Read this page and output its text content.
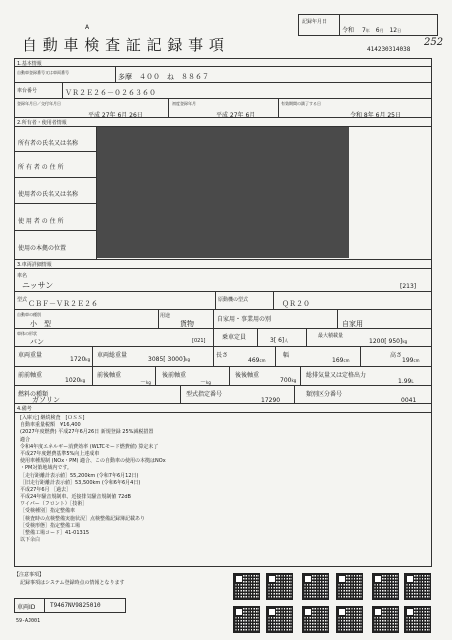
A
自 動 車 検 査 証 記 録 事 項	414230314038
252
記録年月日
令和 7年 6月 12日
1.基本情報
自動車登録番号又は車両番号
多摩　４００　ね　８８６７
車台番号	ＶＲ２Ｅ２６－０２６３６０
登録年月日／交付年月日
平成 27年 6月 26日
初度登録年月
平成 27年 6月
有効期間の満了する日
令和 8年 6月 25日
2.所有者・使用者情報
所有者の氏名又は名称
所 有 者 の 住 所
使用者の氏名又は名称
使 用 者 の 住 所
使用の本拠の位置
3.車両詳細情報
車名
ニッサン	[213]
型式 ＣＢＦ－ＶＲ２Ｅ２６	原動機の型式	ＱＲ２０
自動車の種別
小　型
用途
貨物
自家用・事業用の別
自家用
車体の形状
バン	[021]	乗車定員	3[ 6]人
最大積載量
1200[ 950]kg
車両重量
1720kg
車両総重量
3085[ 3000]kg
長さ
469cm
幅
169cm
高さ
199cm
前前軸重
1020kg
前後軸重
－kg
後前軸重
－kg
後後軸重
700kg
総排気量又は定格出力
1.99L
燃料の種類
ガソリン
型式指定番号
17290
類別区分番号
0041
4.備考
[入庫元] 継続検査　[ＯＳＳ]
自動車重量税額　¥16,400
(2027年度燃費) 平成27年6月26日 新規登録 25%減税措置
適合
令和4年度エネルギー消費効率 (WLTCモード燃費値) 算定未了
平成27年度燃費基準5%向上達成車
使用車種規制 (NOx・PM) 適合、この自動車の使用の本拠はNOx
・PM対策地域内です。
［走行距離計表示値］55,200km (令和7年6月12日)
［旧走行距離計表示値］53,500km (令和6年6月4日)
平成27年6月 ［過去］
平成24年騒音規制車、近接排気騒音規制値 72dB
ワイパー（フロント）［技術］
［受検種別］指定整備車
［検査時の点検整備実施状況］点検整備記録簿記載あり
［受検形態］指定整備工場
［整備工場コード］41-01315
以下余白
【注意事項】
記録事項はシステム登録時点の情報となります
車両ID T9467NV9825010
59-AJ001
